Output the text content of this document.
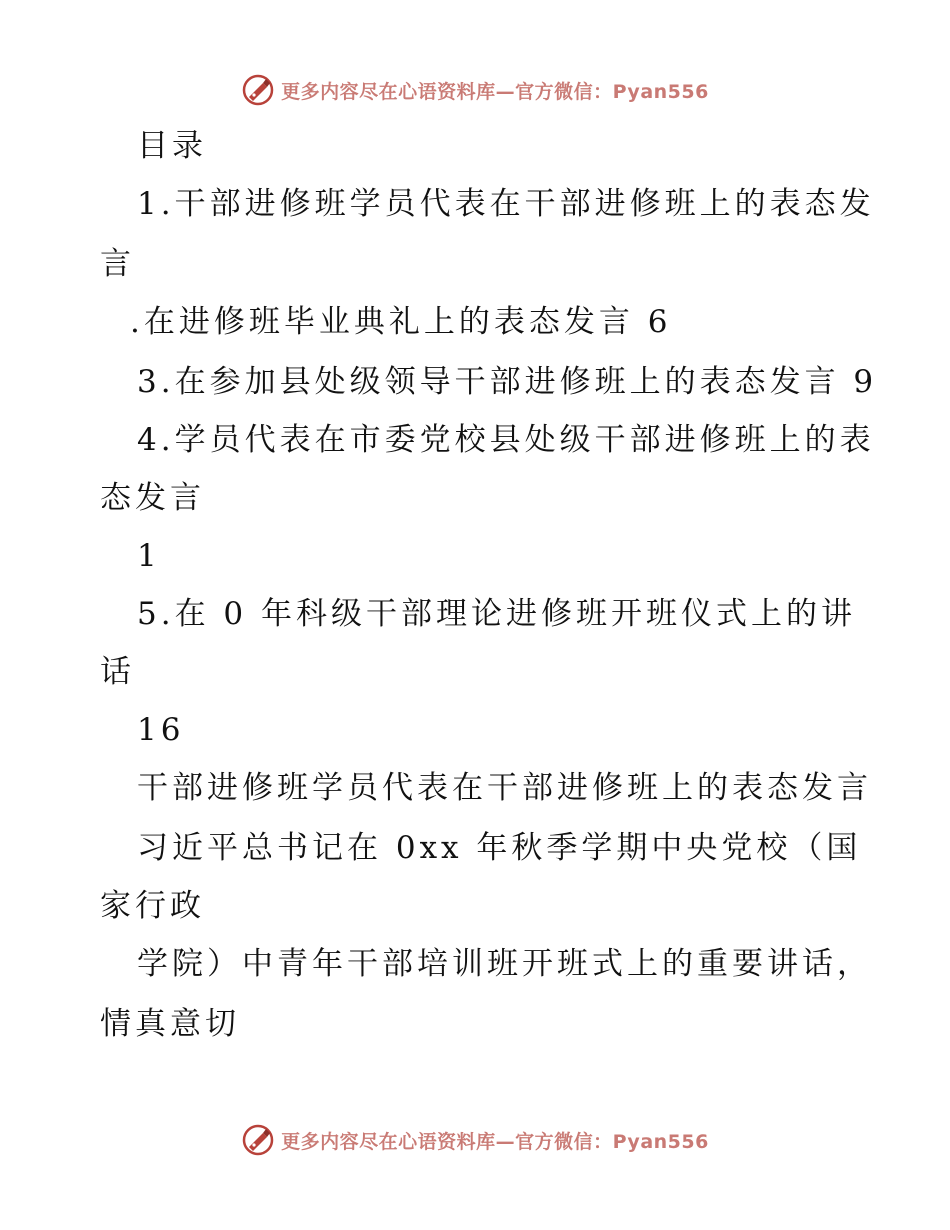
更多内容尽在心语资料库—官方微信：Pyan556
目录
1.干部进修班学员代表在干部进修班上的表态发
言
.在进修班毕业典礼上的表态发言 6
3.在参加县处级领导干部进修班上的表态发言 9
4.学员代表在市委党校县处级干部进修班上的表
态发言
1
5.在 0 年科级干部理论进修班开班仪式上的讲
话
16
干部进修班学员代表在干部进修班上的表态发言
习近平总书记在 0xx 年秋季学期中央党校（国
家行政
学院）中青年干部培训班开班式上的重要讲话，
情真意切
更多内容尽在心语资料库—官方微信：Pyan556
